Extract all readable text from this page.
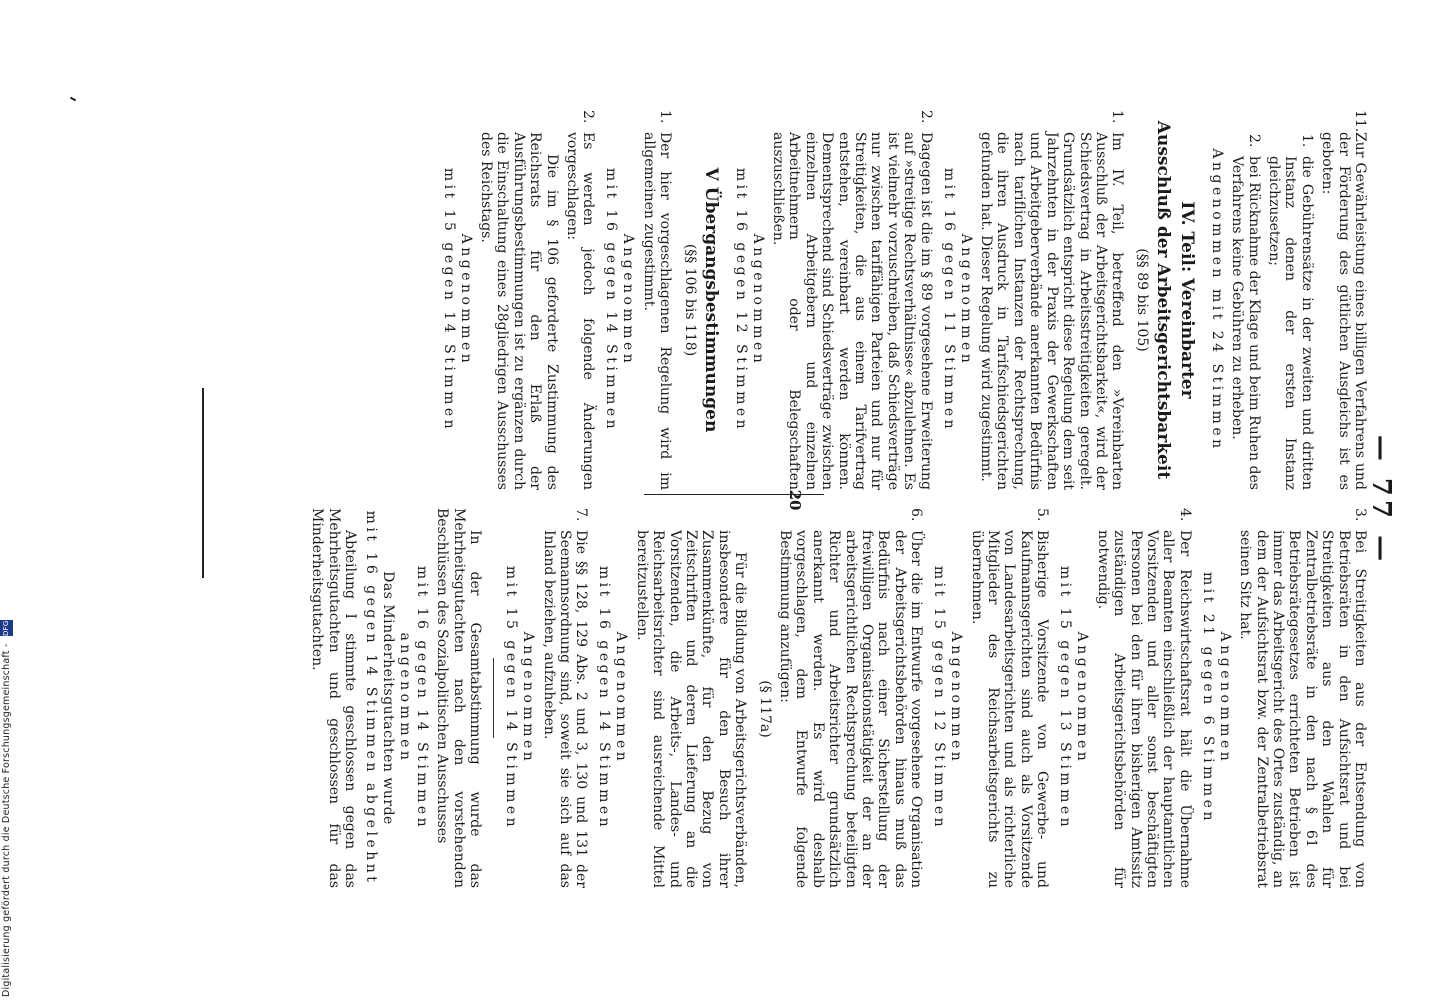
— 77 —
11.

Zur Gewährleistung eines billigen Verfahrens und der Förderung des gütlichen Ausgleichs ist es geboten:

1.

die Gebührensätze in der zweiten und dritten Instanz denen der ersten Instanz gleichzusetzen;

2.

bei Rücknahme der Klage und beim Ruhen des Verfahrens keine Gebühren zu erheben.

Angenommen mit 24 Stimmen
IV. Teil: Vereinbarter
Ausschluß der Arbeitsgerichtsbarkeit
(§§ 89 bis 105)
1.

Im IV. Teil, betreffend den »Vereinbarten Ausschluß der Arbeitsgerichtsbarkeit«, wird der Schiedsvertrag in Arbeitsstreitigkeiten geregelt. Grundsätzlich entspricht diese Regelung dem seit Jahrzehnten in der Praxis der Gewerkschaften und Arbeitgeberverbände anerkannten Bedürfnis nach tariflichen Instanzen der Rechtsprechung, die ihren Ausdruck in Tarifschiedsgerichten gefunden hat. Dieser Regelung wird zugestimmt.

Angenommen
mit 16 gegen 11 Stimmen
2.

Dagegen ist die im § 89 vorgesehene Erweiterung auf »streitige Rechtsverhältnisse« abzulehnen. Es ist vielmehr vorzuschreiben, daß Schiedsverträge nur zwischen tariffähigen Parteien und nur für Streitigkeiten, die aus einem Tarifvertrag entstehen, vereinbart werden können. Dementsprechend sind Schiedsverträge zwischen einzelnen Arbeitgebern und einzelnen Arbeitnehmern oder Belegschaften auszuschließen.

Angenommen
mit 16 gegen 12 Stimmen
V Übergangsbestimmungen
(§§ 106 bis 118)
1.

Der hier vorgeschlagenen Regelung wird im allgemeinen zugestimmt.

Angenommen
mit 16 gegen 14 Stimmen
2.

Es werden jedoch folgende Änderungen vorgeschlagen:

Die im § 106 geforderte Zustimmung des Reichsrats für den Erlaß der Ausführungsbestimmungen ist zu ergänzen durch die Einschaltung eines 28gliedrigen Ausschusses des Reichstags.

Angenommen
mit 15 gegen 14 Stimmen
3.

Bei Streitigkeiten aus der Entsendung von Betriebsräten in den Aufsichtsrat und bei Streitigkeiten aus den Wahlen für Zentralbetriebsräte in den nach § 61 des Betriebsrätegesetzes errichteten Betrieben ist immer das Arbeitsgericht des Ortes zuständig, an dem der Aufsichtsrat bzw. der Zentralbetriebsrat seinen Sitz hat.

Angenommen
mit 21 gegen 6 Stimmen
4.

Der Reichswirtschaftsrat hält die Übernahme aller Beamten einschließlich der hauptamtlichen Vorsitzenden und aller sonst beschäftigten Personen bei den für ihren bisherigen Amtssitz zuständigen Arbeitsgerichtsbehörden für notwendig.

Angenommen
mit 15 gegen 13 Stimmen
5.

Bisherige Vorsitzende von Gewerbe- und Kaufmannsgerichten sind auch als Vorsitzende von Landesarbeitsgerichten und als richterliche Mitglieder des Reichsarbeitsgerichts zu übernehmen.

Angenommen
mit 15 gegen 12 Stimmen
6.

Über die im Entwurfe vorgesehene Organisation der Arbeitsgerichtsbehörden hinaus muß das Bedürfnis nach einer Sicherstellung der freiwilligen Organisationstätigkeit der an der arbeitsgerichtlichen Rechtsprechung beteiligten Richter und Arbeitsrichter grundsätzlich anerkannt werden. Es wird deshalb vorgeschlagen, dem Entwurfe folgende Bestimmung anzufügen:

(§ 117a)

Für die Bildung von Arbeitsgerichtsverbänden, insbesondere für den Besuch ihrer Zusammenkünfte, für den Bezug von Zeitschriften und deren Lieferung an die Vorsitzenden, die Arbeits-, Landes- und Reichsarbeitsrichter sind ausreichende Mittel bereitzustellen.

Angenommen
mit 16 gegen 14 Stimmen
7.

Die §§ 128, 129 Abs. 2 und 3, 130 und 131 der Seemannsordnung sind, soweit sie sich auf das Inland beziehen, aufzuheben.

Angenommen
mit 15 gegen 14 Stimmen

In der Gesamtabstimmung wurde das Mehrheitsgutachten nach den vorstehenden Beschlüssen des Sozialpolitischen Ausschusses

mit 16 gegen 14 Stimmen angenommen
Das Minderheitsgutachten wurde
mit 16 gegen 14 Stimmen abgelehnt

Abteilung I stimmte geschlossen gegen das Mehrheitsgutachten und geschlossen für das Minderheitsgutachten.

20
Digitalisierung gefördert durch die Deutsche Forschungsgemeinschaft - DFG
